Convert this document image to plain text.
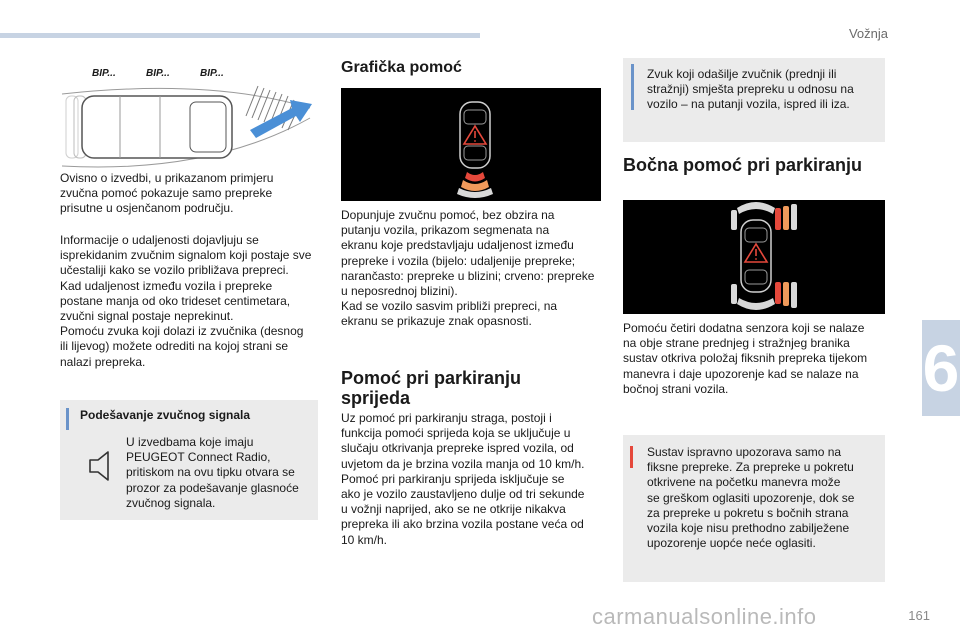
Vožnja
6
carmanualsonline.info	161
BIP...	BIP...	BIP...

Ovisno o izvedbi, u prikazanom primjeru
zvučna pomoć pokazuje samo prepreke
prisutne u osjenčanom području.

Informacije o udaljenosti dojavljuju se
isprekidanim zvučnim signalom koji postaje sve
učestaliji kako se vozilo približava prepreci.
Kad udaljenost između vozila i prepreke
postane manja od oko trideset centimetara,
zvučni signal postaje neprekinut.
Pomoću zvuka koji dolazi iz zvučnika (desnog
ili lijevog) možete odrediti na kojoj strani se
nalazi prepreka.

Podešavanje zvučnog signala

U izvedbama koje imaju
PEUGEOT Connect Radio,
pritiskom na ovu tipku otvara se
prozor za podešavanje glasnoće
zvučnog signala.

Grafička pomoć

Dopunjuje zvučnu pomoć, bez obzira na
putanju vozila, prikazom segmenata na
ekranu koje predstavljaju udaljenost između
prepreke i vozila (bijelo: udaljenije prepreke;
narančasto: prepreke u blizini; crveno: prepreke
u neposrednoj blizini).
Kad se vozilo sasvim približi prepreci, na
ekranu se prikazuje znak opasnosti.

Pomoć pri parkiranju
sprijeda

Uz pomoć pri parkiranju straga, postoji i
funkcija pomoći sprijeda koja se uključuje u
slučaju otkrivanja prepreke ispred vozila, od
uvjetom da je brzina vozila manja od 10 km/h.
Pomoć pri parkiranju sprijeda isključuje se
ako je vozilo zaustavljeno dulje od tri sekunde
u vožnji naprijed, ako se ne otkrije nikakva
prepreka ili ako brzina vozila postane veća od
10 km/h.

Zvuk koji odašilje zvučnik (prednji ili
stražnji) smješta prepreku u odnosu na
vozilo – na putanji vozila, ispred ili iza.

Bočna pomoć pri parkiranju

Pomoću četiri dodatna senzora koji se nalaze
na obje strane prednjeg i stražnjeg branika
sustav otkriva položaj fiksnih prepreka tijekom
manevra i daje upozorenje kad se nalaze na
bočnoj strani vozila.

Sustav ispravno upozorava samo na
fiksne prepreke. Za prepreke u pokretu
otkrivene na početku manevra može
se greškom oglasiti upozorenje, dok se
za prepreke u pokretu s bočnih strana
vozila koje nisu prethodno zabilježene
upozorenje uopće neće oglasiti.
